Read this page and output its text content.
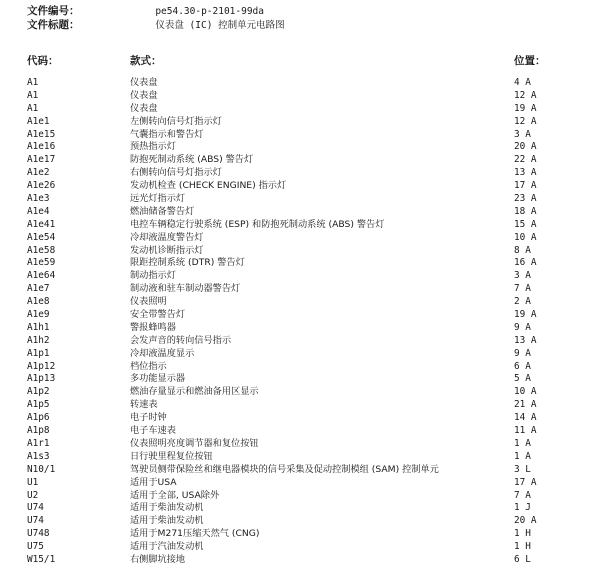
文件编号：	pe54.30-p-2101-99da
文件标题：	仪表盘 (IC) 控制单元电路图
代码：	款式：	位置：
A1	仪表盘	4 A
A1	仪表盘	12 A
A1	仪表盘	19 A
A1e1	左侧转向信号灯指示灯	12 A
A1e15	气囊指示和警告灯	3 A
A1e16	预热指示灯	20 A
A1e17	防抱死制动系统 (ABS) 警告灯	22 A
A1e2	右侧转向信号灯指示灯	13 A
A1e26	发动机检查 (CHECK ENGINE) 指示灯	17 A
A1e3	远光灯指示灯	23 A
A1e4	燃油储备警告灯	18 A
A1e41	电控车辆稳定行驶系统 (ESP) 和防抱死制动系统 (ABS) 警告灯	15 A
A1e54	冷却液温度警告灯	10 A
A1e58	发动机诊断指示灯	8 A
A1e59	限距控制系统 (DTR) 警告灯	16 A
A1e64	制动指示灯	3 A
A1e7	制动液和驻车制动器警告灯	7 A
A1e8	仪表照明	2 A
A1e9	安全带警告灯	19 A
A1h1	警报蜂鸣器	9 A
A1h2	会发声音的转向信号指示	13 A
A1p1	冷却液温度显示	9 A
A1p12	档位指示	6 A
A1p13	多功能显示器	5 A
A1p2	燃油存量显示和燃油备用区显示	10 A
A1p5	转速表	21 A
A1p6	电子时钟	14 A
A1p8	电子车速表	11 A
A1r1	仪表照明亮度调节器和复位按钮	1 A
A1s3	日行驶里程复位按钮	1 A
N10/1	驾驶员侧带保险丝和继电器模块的信号采集及促动控制模组 (SAM) 控制单元	3 L
U1	适用于USA	17 A
U2	适用于全部, USA除外	7 A
U74	适用于柴油发动机	1 J
U74	适用于柴油发动机	20 A
U748	适用于M271压缩天然气 (CNG)	1 H
U75	适用于汽油发动机	1 H
W15/1	右侧脚坑接地	6 L
